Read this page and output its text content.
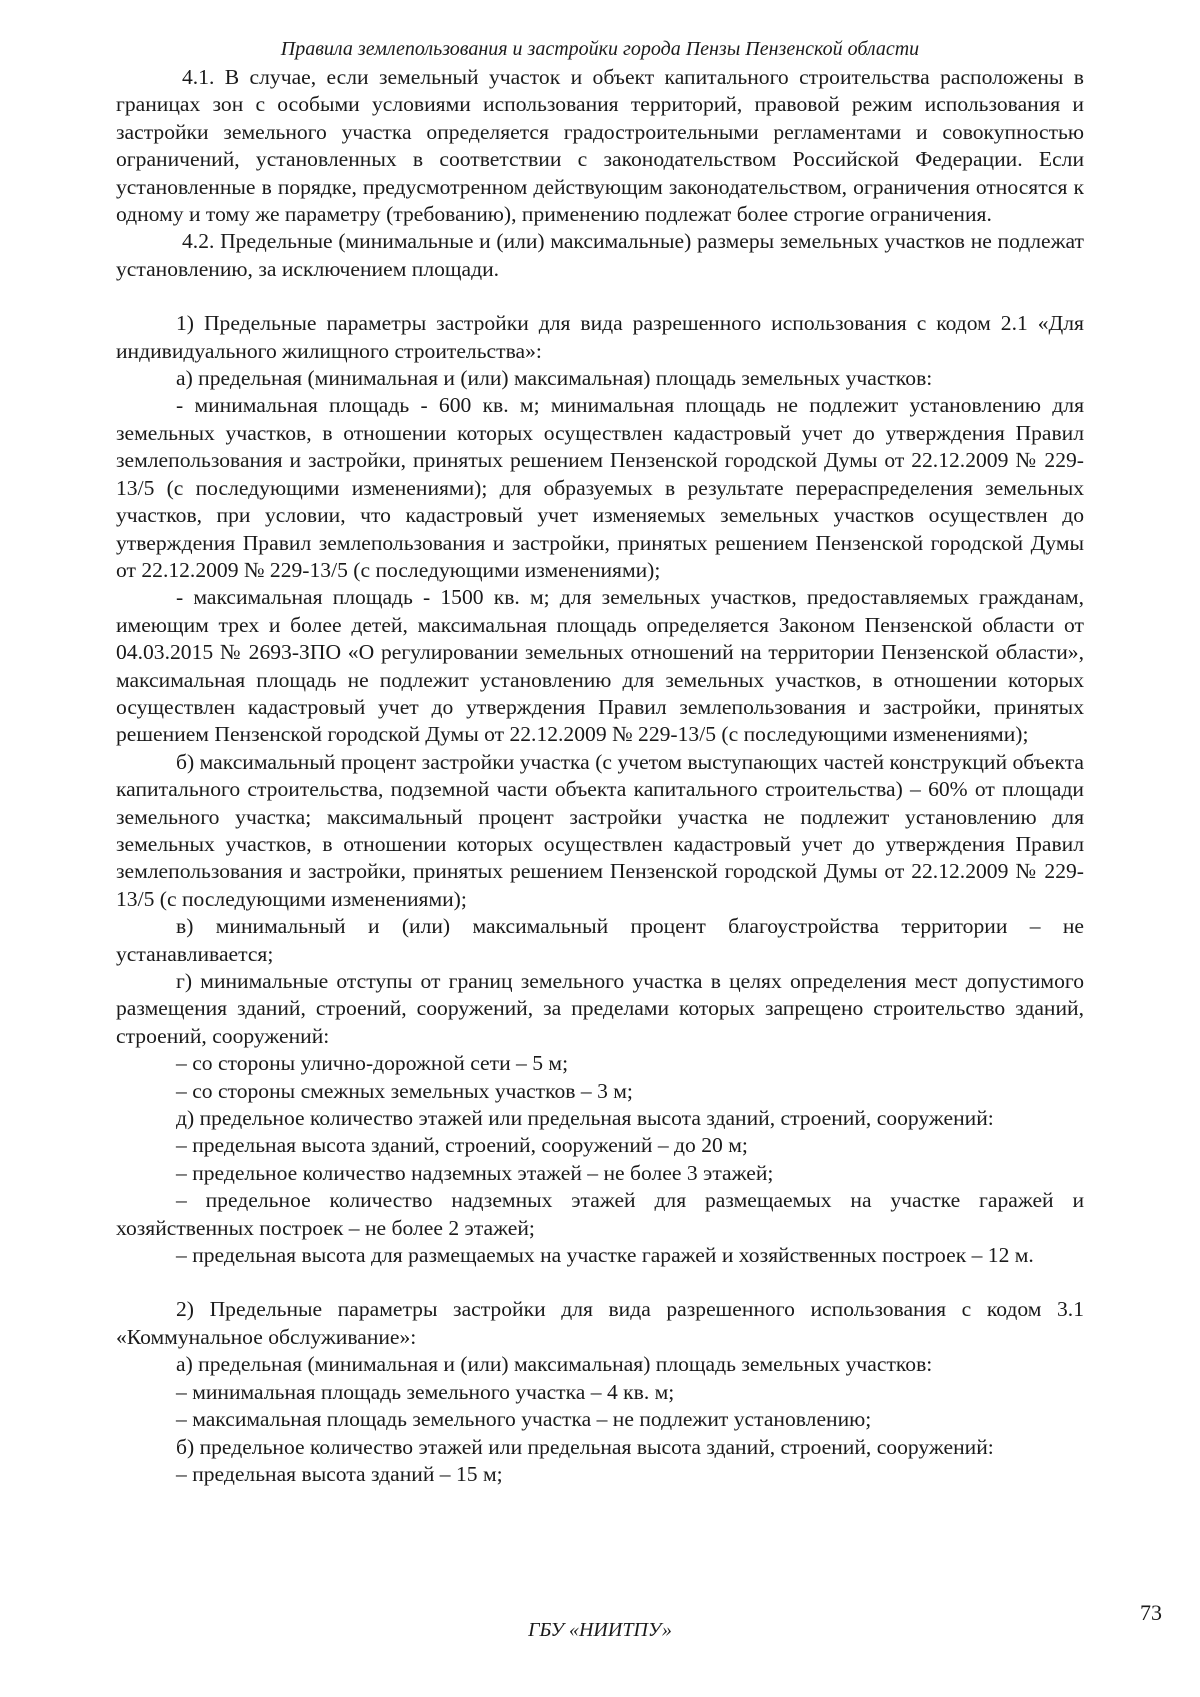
Правила землепользования и застройки города Пензы Пензенской области

4.1. В случае, если земельный участок и объект капитального строительства расположены в границах зон с особыми условиями использования территорий, правовой режим использования и застройки земельного участка определяется градостроительными регламентами и совокупностью ограничений, установленных в соответствии с законодательством Российской Федерации. Если установленные в порядке, предусмотренном действующим законодательством, ограничения относятся к одному и тому же параметру (требованию), применению подлежат более строгие ограничения.

4.2. Предельные (минимальные и (или) максимальные) размеры земельных участков не подлежат установлению, за исключением площади.

1) Предельные параметры застройки для вида разрешенного использования с кодом 2.1 «Для индивидуального жилищного строительства»:

а) предельная (минимальная и (или) максимальная) площадь земельных участков:

- минимальная площадь - 600 кв. м; минимальная площадь не подлежит установлению для земельных участков, в отношении которых осуществлен кадастровый учет до утверждения Правил землепользования и застройки, принятых решением Пензенской городской Думы от 22.12.2009 № 229-13/5 (с последующими изменениями); для образуемых в результате перераспределения земельных участков, при условии, что кадастровый учет изменяемых земельных участков осуществлен до утверждения Правил землепользования и застройки, принятых решением Пензенской городской Думы от 22.12.2009 № 229-13/5 (с последующими изменениями);

- максимальная площадь - 1500 кв. м; для земельных участков, предоставляемых гражданам, имеющим трех и более детей, максимальная площадь определяется Законом Пензенской области от 04.03.2015 № 2693-ЗПО «О регулировании земельных отношений на территории Пензенской области», максимальная площадь не подлежит установлению для земельных участков, в отношении которых осуществлен кадастровый учет до утверждения Правил землепользования и застройки, принятых решением Пензенской городской Думы от 22.12.2009 № 229-13/5 (с последующими изменениями);

б) максимальный процент застройки участка (с учетом выступающих частей конструкций объекта капитального строительства, подземной части объекта капитального строительства) – 60% от площади земельного участка; максимальный процент застройки участка не подлежит установлению для земельных участков, в отношении которых осуществлен кадастровый учет до утверждения Правил землепользования и застройки, принятых решением Пензенской городской Думы от 22.12.2009 № 229-13/5 (с последующими изменениями);

в) минимальный и (или) максимальный процент благоустройства территории – не устанавливается;

г) минимальные отступы от границ земельного участка в целях определения мест допустимого размещения зданий, строений, сооружений, за пределами которых запрещено строительство зданий, строений, сооружений:

– со стороны улично-дорожной сети – 5 м;

– со стороны смежных земельных участков – 3 м;

д) предельное количество этажей или предельная высота зданий, строений, сооружений:

– предельная высота зданий, строений, сооружений – до 20 м;

– предельное количество надземных этажей – не более 3 этажей;

– предельное количество надземных этажей для размещаемых на участке гаражей и хозяйственных построек – не более 2 этажей;

– предельная высота для размещаемых на участке гаражей и хозяйственных построек – 12 м.

2) Предельные параметры застройки для вида разрешенного использования с кодом 3.1 «Коммунальное обслуживание»:

а) предельная (минимальная и (или) максимальная) площадь земельных участков:

– минимальная площадь земельного участка – 4 кв. м;

– максимальная площадь земельного участка – не подлежит установлению;

б) предельное количество этажей или предельная высота зданий, строений, сооружений:

– предельная высота зданий – 15 м;

ГБУ «НИИТПУ»
73
